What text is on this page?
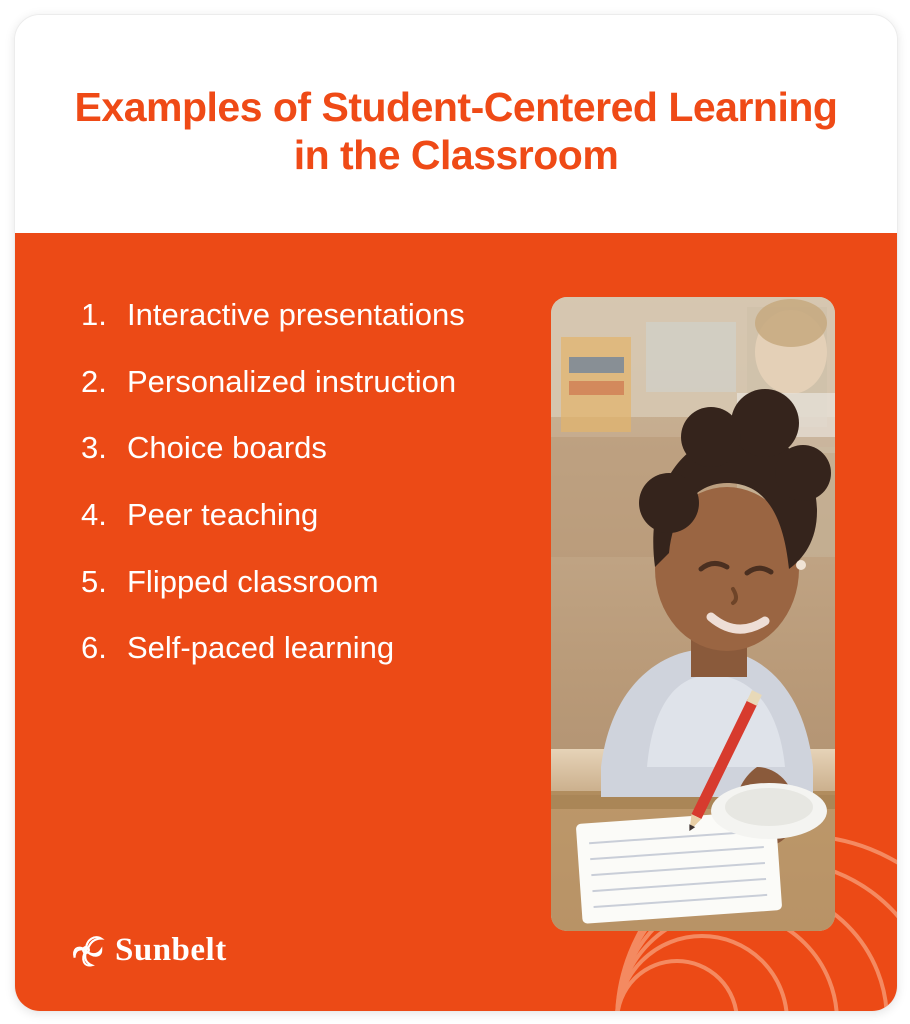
Examples of Student-Centered Learning in the Classroom
1. Interactive presentations
2. Personalized instruction
3. Choice boards
4. Peer teaching
5. Flipped classroom
6. Self-paced learning
Sunbelt
